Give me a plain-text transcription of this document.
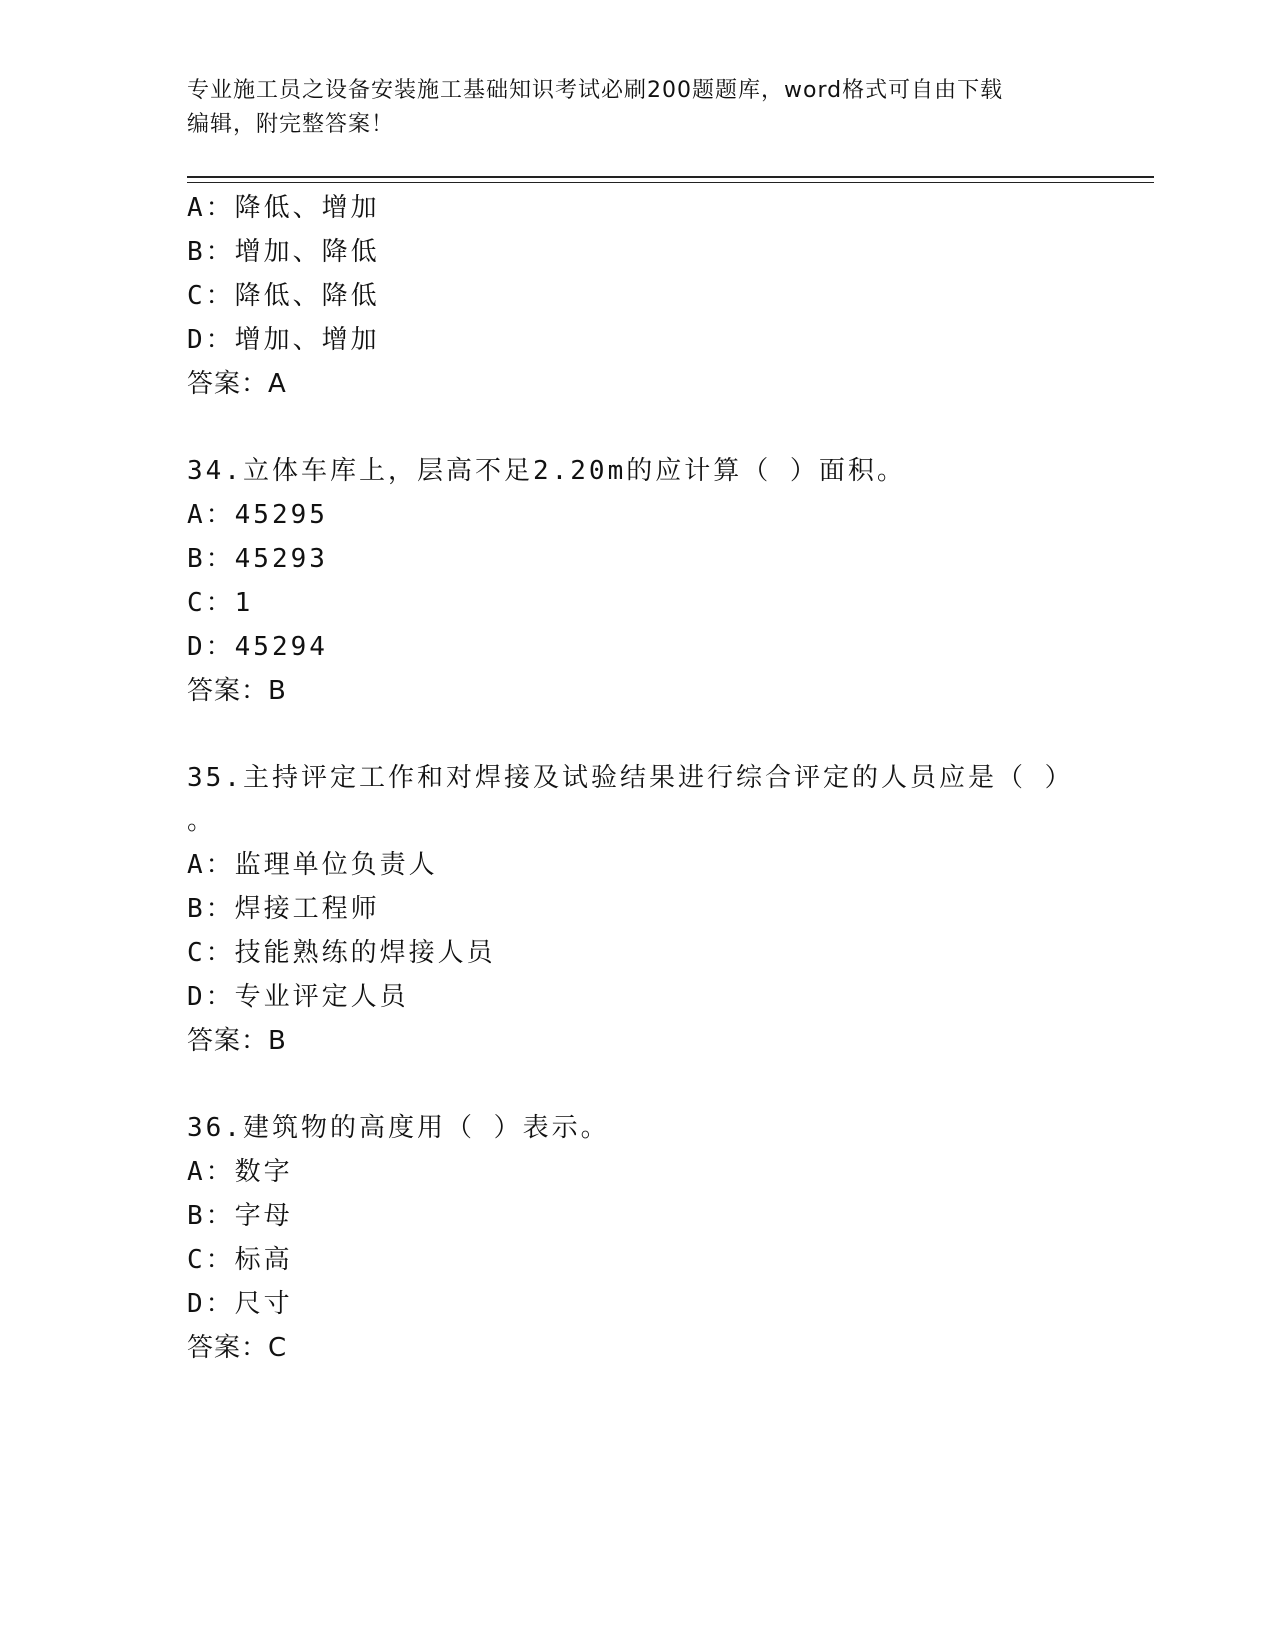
专业施工员之设备安装施工基础知识考试必刷200题题库，word格式可自由下载
编辑，附完整答案！
A：降低、增加
B：增加、降低
C：降低、降低
D：增加、增加
答案：A
34.立体车库上，层高不足2.20m的应计算（ ）面积。
A：45295
B：45293
C：1
D：45294
答案：B
35.主持评定工作和对焊接及试验结果进行综合评定的人员应是（ ）
。
A：监理单位负责人
B：焊接工程师
C：技能熟练的焊接人员
D：专业评定人员
答案：B
36.建筑物的高度用（ ）表示。
A：数字
B：字母
C：标高
D：尺寸
答案：C
